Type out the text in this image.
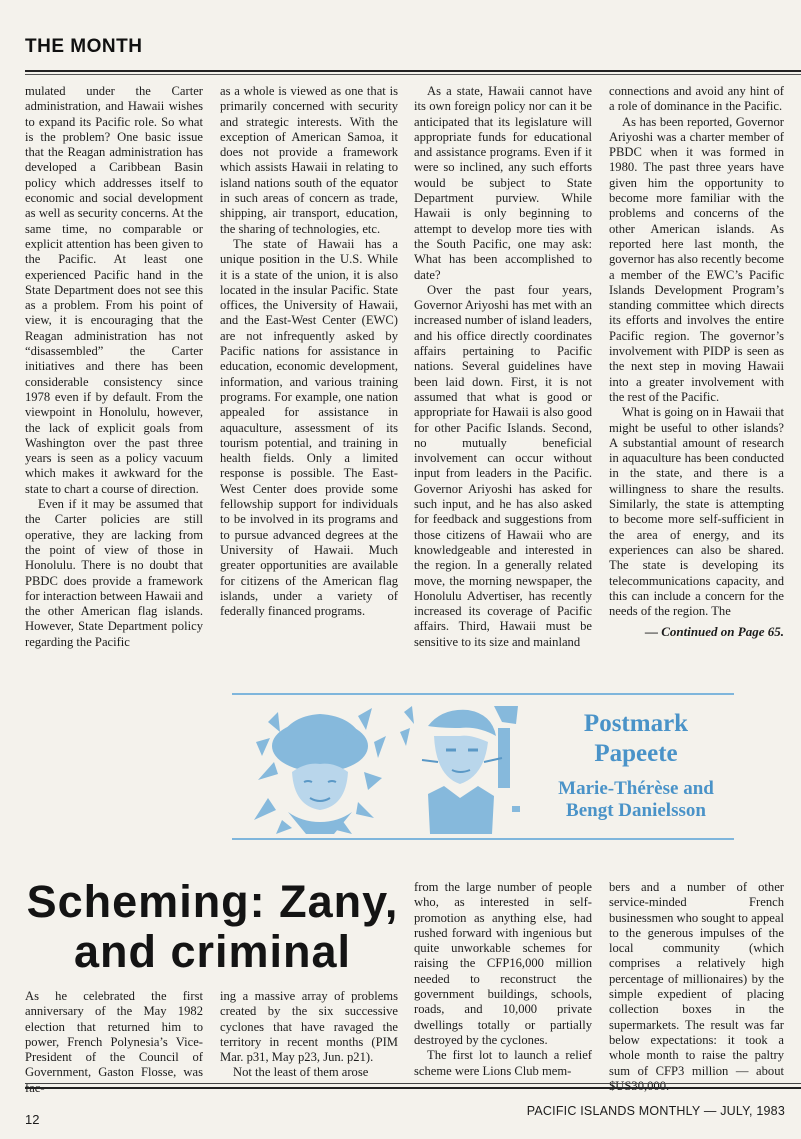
THE MONTH

mulated under the Carter administration, and Hawaii wishes to expand its Pacific role. So what is the problem? One basic issue that the Reagan administration has developed a Caribbean Basin policy which addresses itself to economic and social development as well as security concerns. At the same time, no comparable or explicit attention has been given to the Pacific. At least one experienced Pacific hand in the State Department does not see this as a problem. From his point of view, it is encouraging that the Reagan administration has not “disassembled” the Carter initiatives and there has been considerable consistency since 1978 even if by default. From the viewpoint in Honolulu, however, the lack of explicit goals from Washington over the past three years is seen as a policy vacuum which makes it awkward for the state to chart a course of direction.

Even if it may be assumed that the Carter policies are still operative, they are lacking from the point of view of those in Honolulu. There is no doubt that PBDC does provide a framework for interaction between Hawaii and the other American flag islands. However, State Department policy regarding the Pacific

as a whole is viewed as one that is primarily concerned with security and strategic interests. With the exception of American Samoa, it does not provide a framework which assists Hawaii in relating to island nations south of the equator in such areas of concern as trade, shipping, air transport, education, the sharing of technologies, etc.

The state of Hawaii has a unique position in the U.S. While it is a state of the union, it is also located in the insular Pacific. State offices, the University of Hawaii, and the East-West Center (EWC) are not infrequently asked by Pacific nations for assistance in education, economic development, information, and various training programs. For example, one nation appealed for assistance in aquaculture, assessment of its tourism potential, and training in health fields. Only a limited response is possible. The East-West Center does provide some fellowship support for individuals to be involved in its programs and to pursue advanced degrees at the University of Hawaii. Much greater opportunities are available for citizens of the American flag islands, under a variety of federally financed programs.

As a state, Hawaii cannot have its own foreign policy nor can it be anticipated that its legislature will appropriate funds for educational and assistance programs. Even if it were so inclined, any such efforts would be subject to State Department purview. While Hawaii is only beginning to attempt to develop more ties with the South Pacific, one may ask: What has been accomplished to date?

Over the past four years, Governor Ariyoshi has met with an increased number of island leaders, and his office directly coordinates affairs pertaining to Pacific nations. Several guidelines have been laid down. First, it is not assumed that what is good or appropriate for Hawaii is also good for other Pacific Islands. Second, no mutually beneficial involvement can occur without input from leaders in the Pacific. Governor Ariyoshi has asked for such input, and he has also asked for feedback and suggestions from those citizens of Hawaii who are knowledgeable and interested in the region. In a generally related move, the morning newspaper, the Honolulu Advertiser, has recently increased its coverage of Pacific affairs. Third, Hawaii must be sensitive to its size and mainland

connections and avoid any hint of a role of dominance in the Pacific.

As has been reported, Governor Ariyoshi was a charter member of PBDC when it was formed in 1980. The past three years have given him the opportunity to become more familiar with the problems and concerns of the other American islands. As reported here last month, the governor has also recently become a member of the EWC’s Pacific Islands Development Program’s standing committee which directs its efforts and involves the entire Pacific region. The governor’s involvement with PIDP is seen as the next step in moving Hawaii into a greater involvement with the rest of the Pacific.

What is going on in Hawaii that might be useful to other islands? A substantial amount of research in aquaculture has been conducted in the state, and there is a willingness to share the results. Similarly, the state is attempting to become more self-sufficient in the area of energy, and its experiences can also be shared. The state is developing its telecommunications capacity, and this can include a concern for the needs of the region. The

— Continued on Page 65.
Postmark
Papeete
Marie-Thérèse and
Bengt Danielsson
Scheming: Zany,
and criminal

As he celebrated the first anniversary of the May 1982 election that returned him to power, French Polynesia’s Vice-President of the Council of Government, Gaston Flosse, was fac-

ing a massive array of problems created by the six successive cyclones that have ravaged the territory in recent months (PIM Mar. p31, May p23, Jun. p21).

Not the least of them arose

from the large number of people who, as interested in self-promotion as anything else, had rushed forward with ingenious but quite unworkable schemes for raising the CFP16,000 million needed to reconstruct the government buildings, schools, roads, and 10,000 private dwellings totally or partially destroyed by the cyclones.

The first lot to launch a relief scheme were Lions Club mem-

bers and a number of other service-minded French businessmen who sought to appeal to the generous impulses of the local community (which comprises a relatively high percentage of millionaires) by the simple expedient of placing collection boxes in the supermarkets. The result was far below expectations: it took a whole month to raise the paltry sum of CFP3 million — about $US30,000.

12
PACIFIC ISLANDS MONTHLY — JULY, 1983
